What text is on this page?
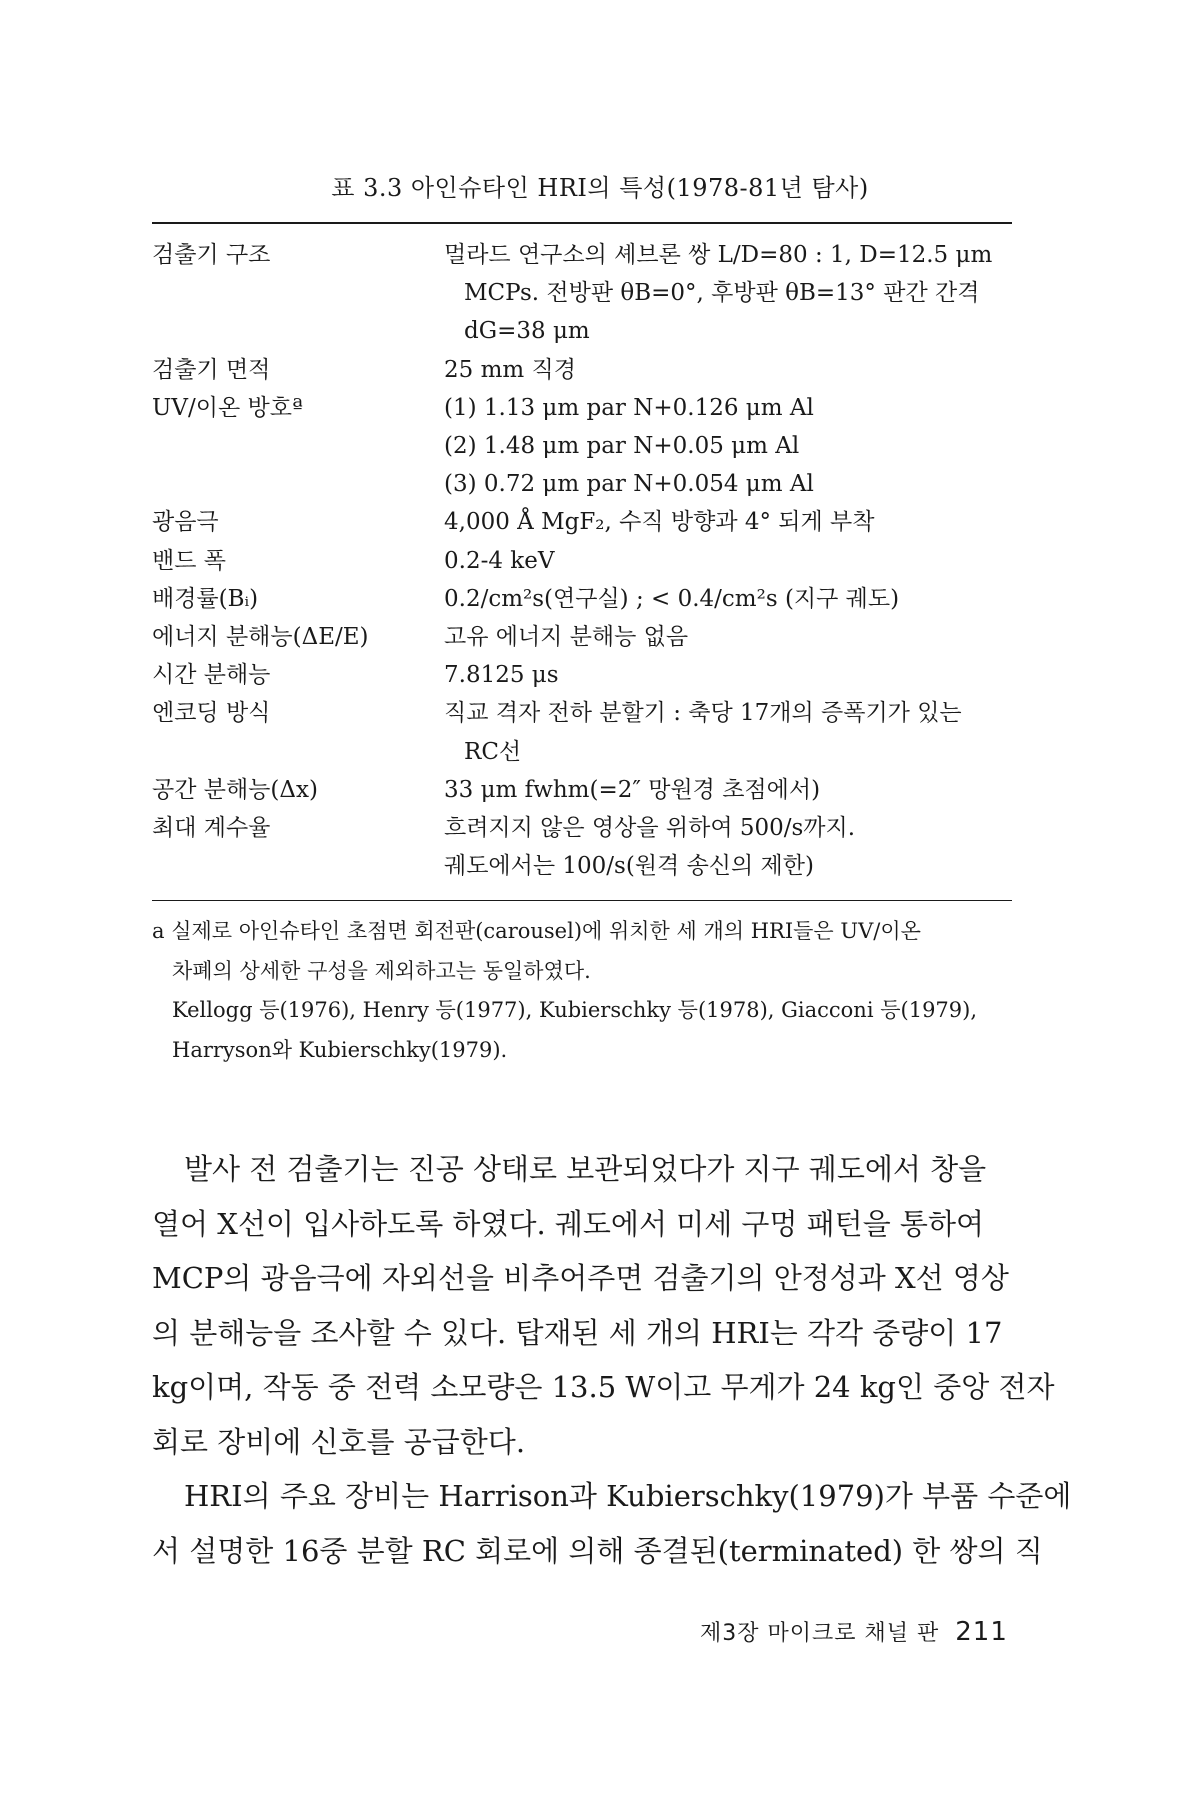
표 3.3 아인슈타인 HRI의 특성(1978-81년 탐사)
검출기 구조	멀라드 연구소의 셰브론 쌍 L/D=80 : 1, D=12.5 μm
MCPs. 전방판 θB=0°, 후방판 θB=13° 판간 간격
dG=38 μm
검출기 면적	25 mm 직경
UV/이온 방호ª	(1) 1.13 μm par N+0.126 μm Al
(2) 1.48 μm par N+0.05 μm Al
(3) 0.72 μm par N+0.054 μm Al
광음극	4,000 Å MgF₂, 수직 방향과 4° 되게 부착
밴드 폭	0.2-4 keV
배경률(Bᵢ)	0.2/cm²s(연구실) ; < 0.4/cm²s (지구 궤도)
에너지 분해능(ΔE/E)	고유 에너지 분해능 없음
시간 분해능	7.8125 μs
엔코딩 방식	직교 격자 전하 분할기 : 축당 17개의 증폭기가 있는
RC선
공간 분해능(Δx)	33 μm fwhm(=2″ 망원경 초점에서)
최대 계수율	흐려지지 않은 영상을 위하여 500/s까지.
궤도에서는 100/s(원격 송신의 제한)
a 실제로 아인슈타인 초점면 회전판(carousel)에 위치한 세 개의 HRI들은 UV/이온
차폐의 상세한 구성을 제외하고는 동일하였다.
Kellogg 등(1976), Henry 등(1977), Kubierschky 등(1978), Giacconi 등(1979),
Harryson와 Kubierschky(1979).
발사 전 검출기는 진공 상태로 보관되었다가 지구 궤도에서 창을
열어 X선이 입사하도록 하였다. 궤도에서 미세 구멍 패턴을 통하여
MCP의 광음극에 자외선을 비추어주면 검출기의 안정성과 X선 영상
의 분해능을 조사할 수 있다. 탑재된 세 개의 HRI는 각각 중량이 17
kg이며, 작동 중 전력 소모량은 13.5 W이고 무게가 24 kg인 중앙 전자
회로 장비에 신호를 공급한다.
HRI의 주요 장비는 Harrison과 Kubierschky(1979)가 부품 수준에
서 설명한 16중 분할 RC 회로에 의해 종결된(terminated) 한 쌍의 직
제3장 마이크로 채널 판 211
